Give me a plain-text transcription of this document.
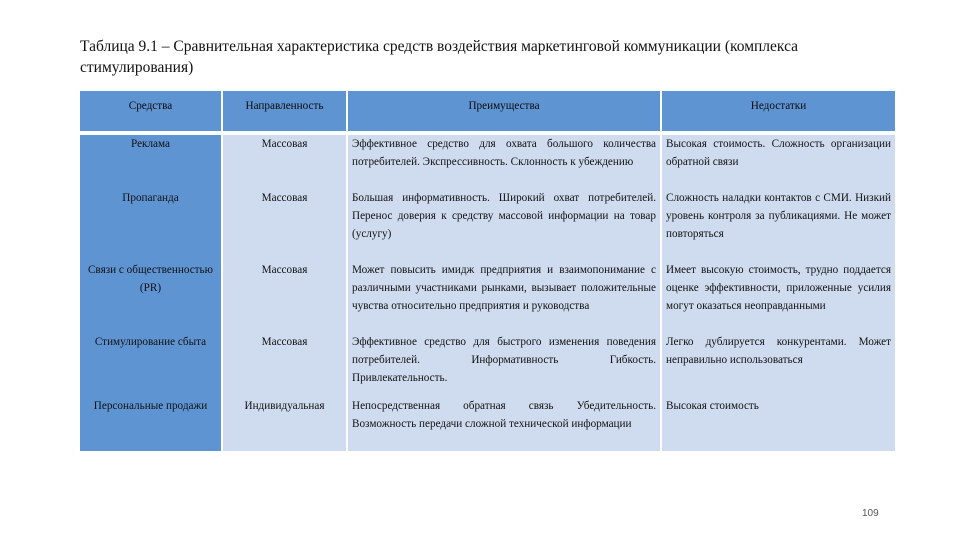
Таблица 9.1 – Сравнительная характеристика средств воздействия маркетинговой коммуникации (комплекса стимулирования)
Средства	Направленность	Преимущества	Недостатки

Реклама	Массовая	Эффективное средство для охвата большого количества потребителей. Экспрессивность. Склонность к убеждению	Высокая стоимость. Сложность организации обратной связи
Пропаганда	Массовая	Большая информативность. Широкий охват потребителей. Перенос доверия к средству массовой информации на товар (услугу)	Сложность наладки контактов с СМИ. Низкий уровень контроля за публикациями. Не может повторяться
Связи с общественностью (PR)	Массовая	Может повысить имидж предприятия и взаимопонимание с различными участниками рынками, вызывает положительные чувства относительно предприятия и руководства	Имеет высокую стоимость, трудно поддается оценке эффективности, приложенные усилия могут оказаться неоправданными
Стимулирование сбыта	Массовая	Эффективное средство для быстрого изменения поведения потребителей. Информативность Гибкость. Привлекательность.	Легко дублируется конкурентами. Может неправильно использоваться
Персональные продажи	Индивидуальная	Непосредственная обратная связь Убедительность. Возможность передачи сложной технической информации	Высокая стоимость
109
